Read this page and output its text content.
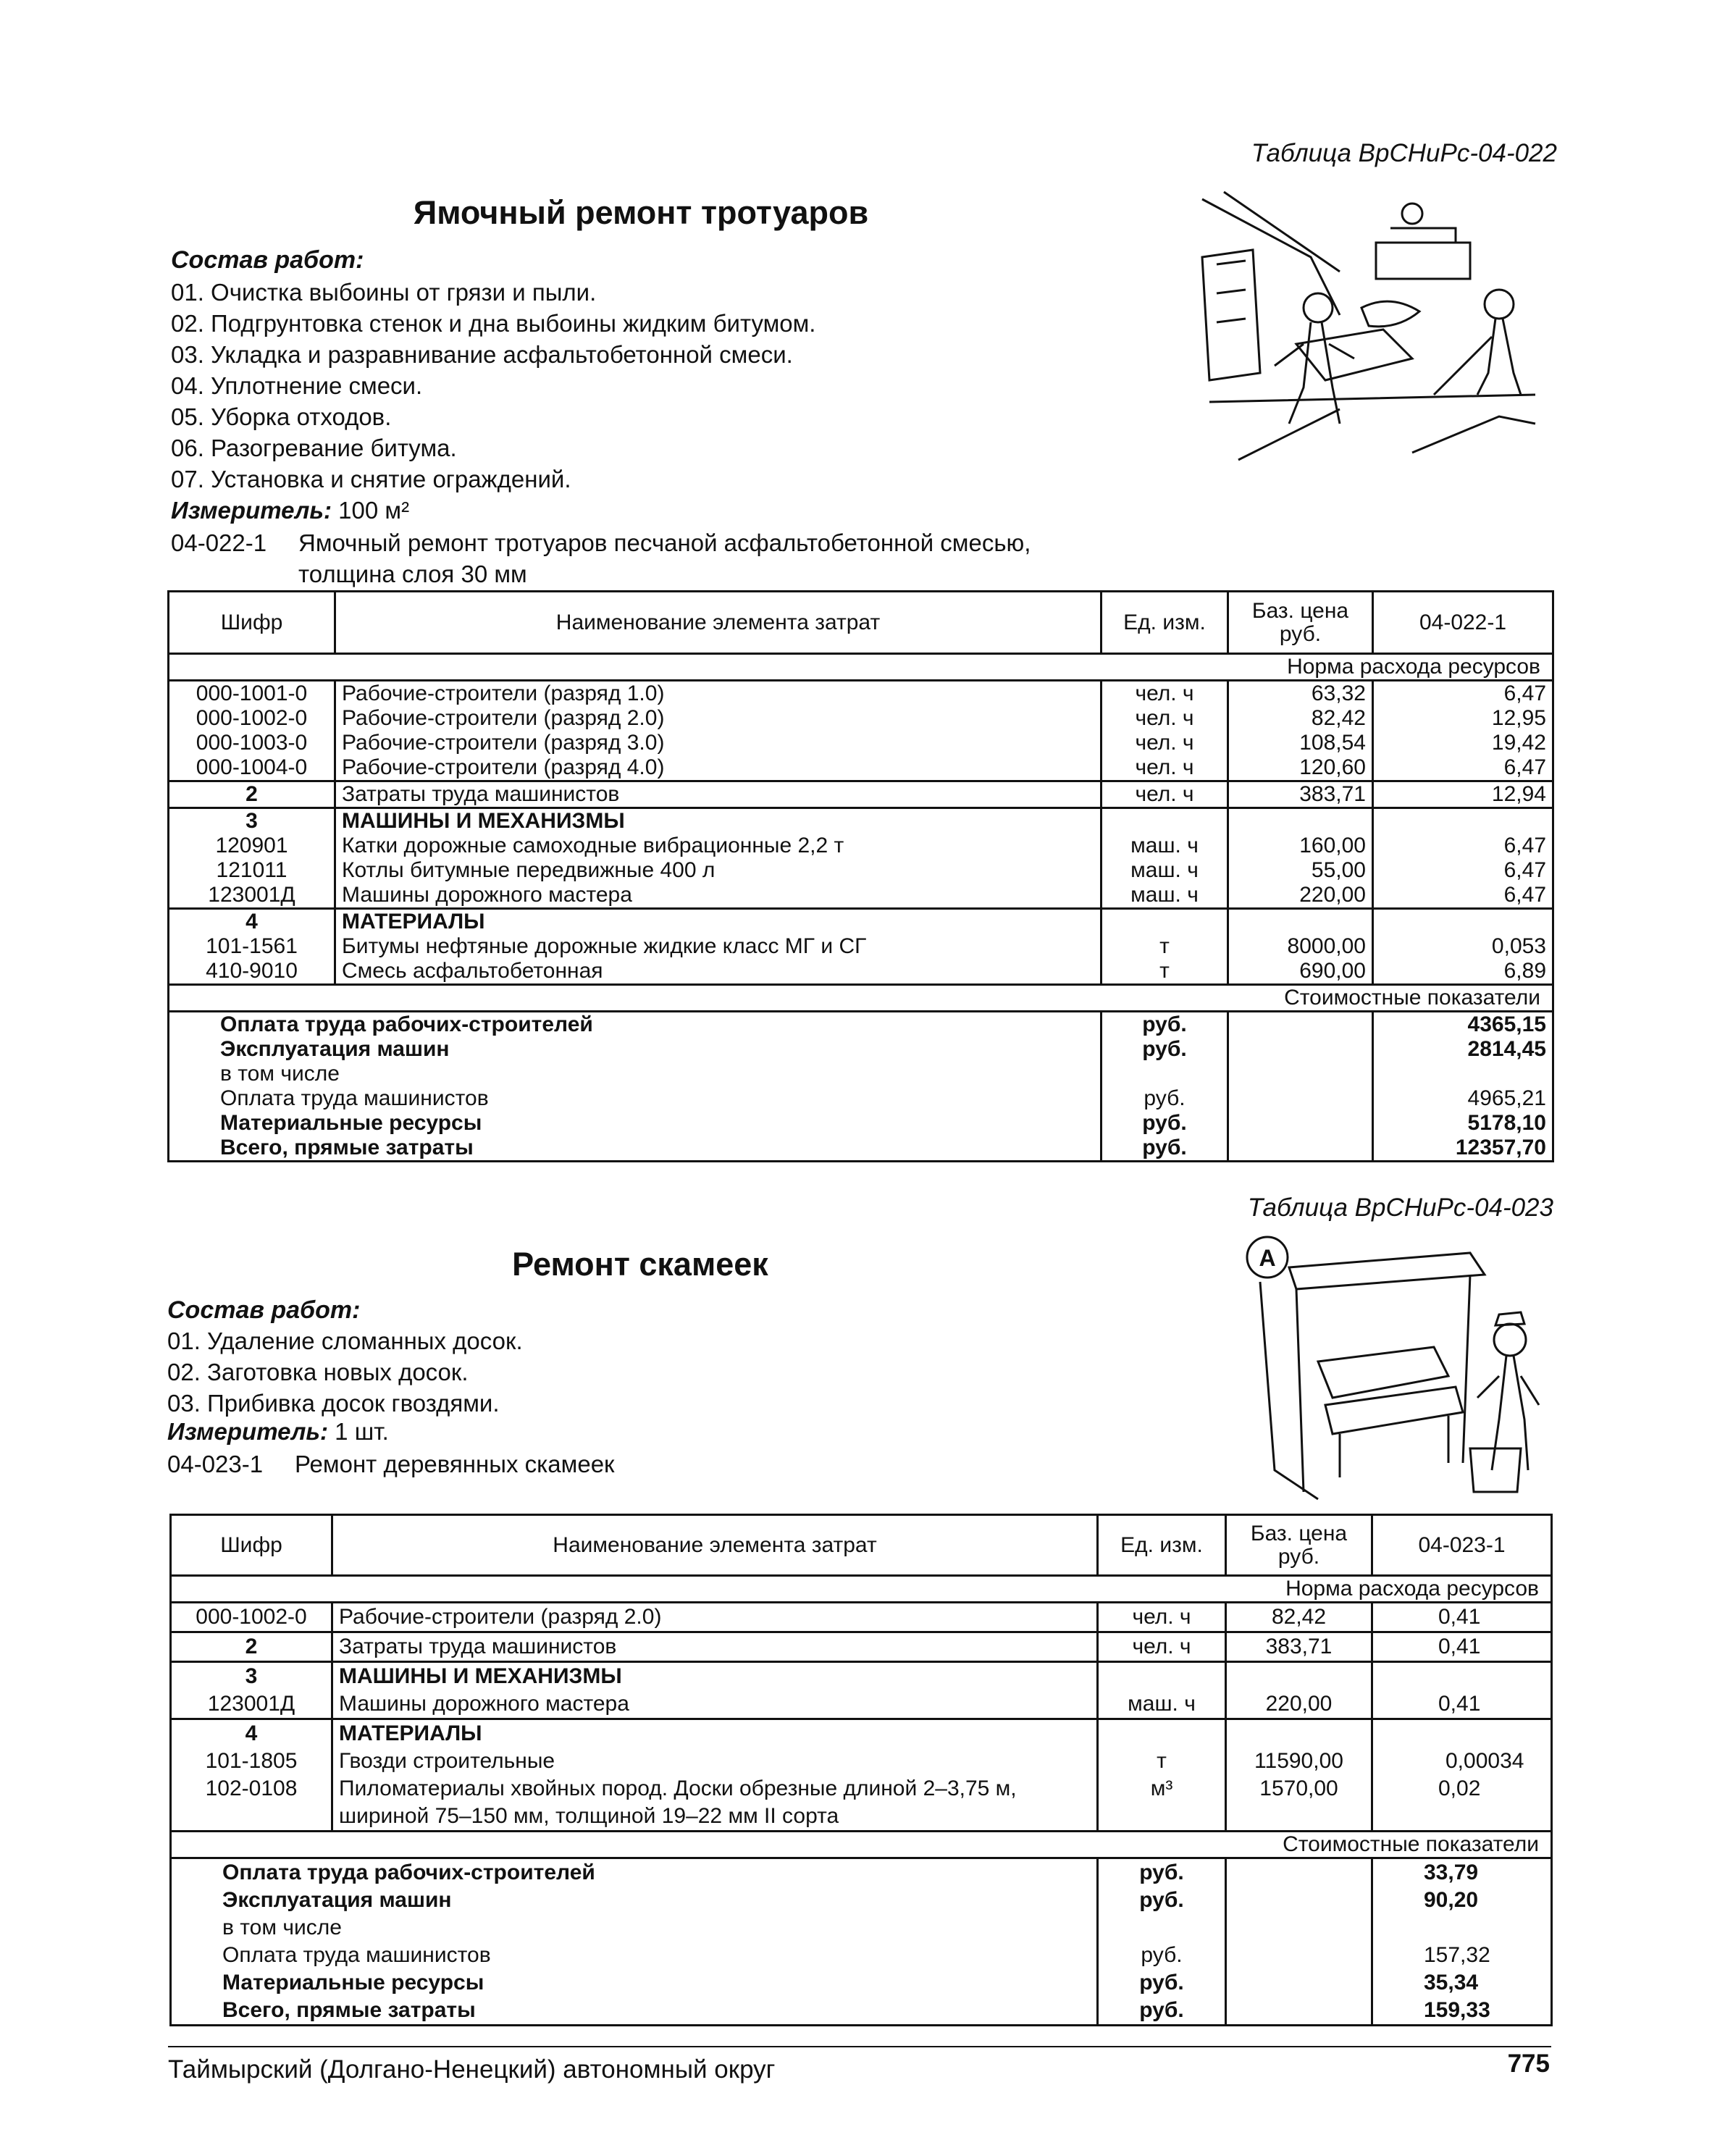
Таблица ВрСНиРс-04-022
Ямочный ремонт тротуаров
Состав работ:
01. Очистка выбоины от грязи и пыли.
02. Подгрунтовка стенок и дна выбоины жидким битумом.
03. Укладка и разравнивание асфальтобетонной смеси.
04. Уплотнение смеси.
05. Уборка отходов.
06. Разогревание битума.
07. Установка и снятие ограждений.
Измеритель: 100 м²
04-022-1 Ямочный ремонт тротуаров песчаной асфальтобетонной смесью,
толщина слоя 30 мм
Шифр	Наименование элемента затрат	Ед. изм.	Баз. цена руб.	04-022-1
Норма расхода ресурсов				
000-1001-0	Рабочие-строители (разряд 1.0)	чел. ч	63,32	6,47
000-1002-0	Рабочие-строители (разряд 2.0)	чел. ч	82,42	12,95
000-1003-0	Рабочие-строители (разряд 3.0)	чел. ч	108,54	19,42
000-1004-0	Рабочие-строители (разряд 4.0)	чел. ч	120,60	6,47
2	Затраты труда машинистов	чел. ч	383,71	12,94
3	МАШИНЫ И МЕХАНИЗМЫ			
120901	Катки дорожные самоходные вибрационные 2,2 т	маш. ч	160,00	6,47
121011	Котлы битумные передвижные 400 л	маш. ч	55,00	6,47
123001Д	Машины дорожного мастера	маш. ч	220,00	6,47
4	МАТЕРИАЛЫ			
101-1561	Битумы нефтяные дорожные жидкие класс МГ и СГ	т	8000,00	0,053
410-9010	Смесь асфальтобетонная	т	690,00	6,89
Стоимостные показатели				
Оплата труда рабочих-строителей		руб.		4365,15
Эксплуатация машин		руб.		2814,45
в том числе				
Оплата труда машинистов		руб.		4965,21
Материальные ресурсы		руб.		5178,10
Всего, прямые затраты		руб.		12357,70
Таблица ВрСНиРс-04-023
Ремонт скамеек
Состав работ:
01. Удаление сломанных досок.
02. Заготовка новых досок.
03. Прибивка досок гвоздями.
Измеритель: 1 шт.
04-023-1 Ремонт деревянных скамеек
A
Шифр	Наименование элемента затрат	Ед. изм.	Баз. цена руб.	04-023-1
Норма расхода ресурсов				
000-1002-0	Рабочие-строители (разряд 2.0)	чел. ч	82,42	0,41
2	Затраты труда машинистов	чел. ч	383,71	0,41
3	МАШИНЫ И МЕХАНИЗМЫ			
123001Д	Машины дорожного мастера	маш. ч	220,00	0,41
4	МАТЕРИАЛЫ			
101-1805	Гвозди строительные	т	11590,00	0,00034
102-0108	Пиломатериалы хвойных пород. Доски обрезные длиной 2–3,75 м, шириной 75–150 мм, толщиной 19–22 мм II сорта	м³	1570,00	0,02
Стоимостные показатели				
Оплата труда рабочих-строителей		руб.		33,79
Эксплуатация машин		руб.		90,20
в том числе				
Оплата труда машинистов		руб.		157,32
Материальные ресурсы		руб.		35,34
Всего, прямые затраты		руб.		159,33
Таймырский (Долгано-Ненецкий) автономный округ	775
